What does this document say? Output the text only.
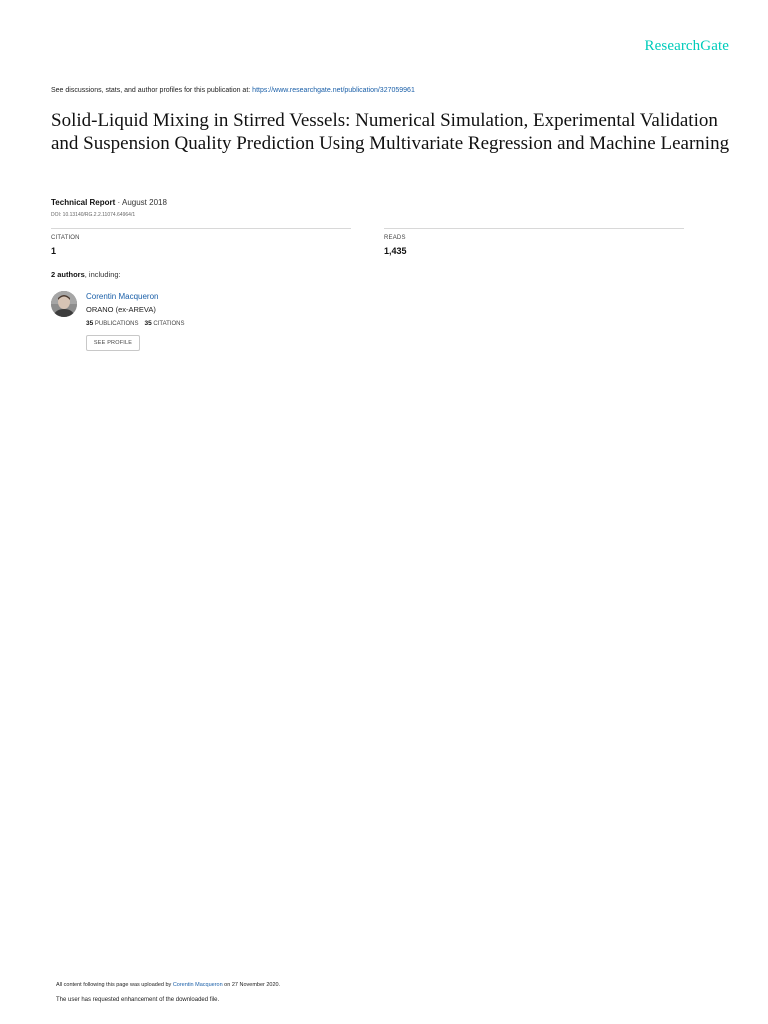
ResearchGate
See discussions, stats, and author profiles for this publication at: https://www.researchgate.net/publication/327059961
Solid-Liquid Mixing in Stirred Vessels: Numerical Simulation, Experimental Validation and Suspension Quality Prediction Using Multivariate Regression and Machine Learning
Technical Report · August 2018
DOI: 10.13140/RG.2.2.11074.64964/1
CITATION
1
READS
1,435
2 authors, including:
Corentin Macqueron
ORANO (ex-AREVA)
35 PUBLICATIONS 35 CITATIONS
SEE PROFILE
All content following this page was uploaded by Corentin Macqueron on 27 November 2020.
The user has requested enhancement of the downloaded file.
